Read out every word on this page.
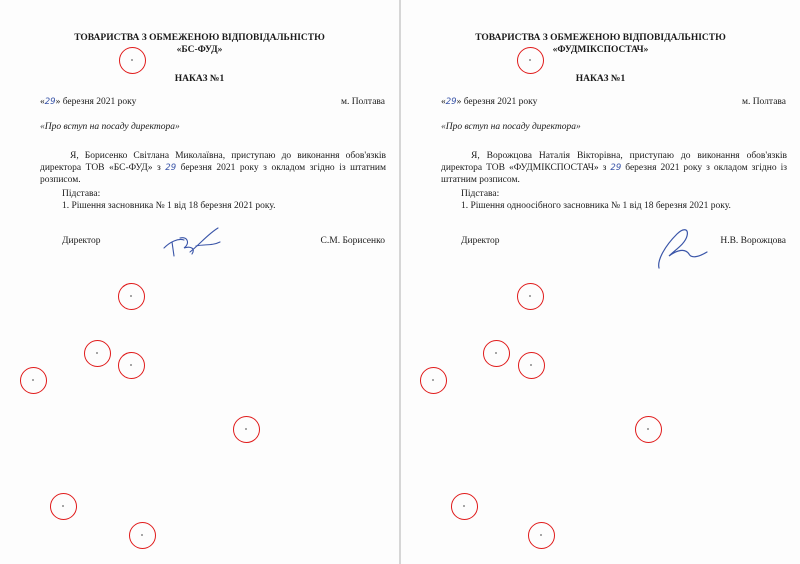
ТОВАРИСТВА З ОБМЕЖЕНОЮ ВІДПОВІДАЛЬНІСТЮ
«БС-ФУД»
НАКАЗ №1
«29» березня 2021 року	м. Полтава
«Про вступ на посаду директора»
Я, Борисенко Світлана Миколаївна, приступаю до виконання обов'язків директора ТОВ «БС-ФУД» з 29 березня 2021 року з окладом згідно із штатним розписом.
Підстава:
1. Рішення засновника № 1 від 18 березня 2021 року.
Директор	С.М. Борисенко
ТОВАРИСТВА З ОБМЕЖЕНОЮ ВІДПОВІДАЛЬНІСТЮ
«ФУДМІКСПОСТАЧ»
НАКАЗ №1
«29» березня 2021 року	м. Полтава
«Про вступ на посаду директора»
Я, Ворожцова Наталія Вікторівна, приступаю до виконання обов'язків директора ТОВ «ФУДМІКСПОСТАЧ» з 29 березня 2021 року з окладом згідно із штатним розписом.
Підстава:
1. Рішення одноосібного засновника № 1 від 18 березня 2021 року.
Директор	Н.В. Ворожцова
